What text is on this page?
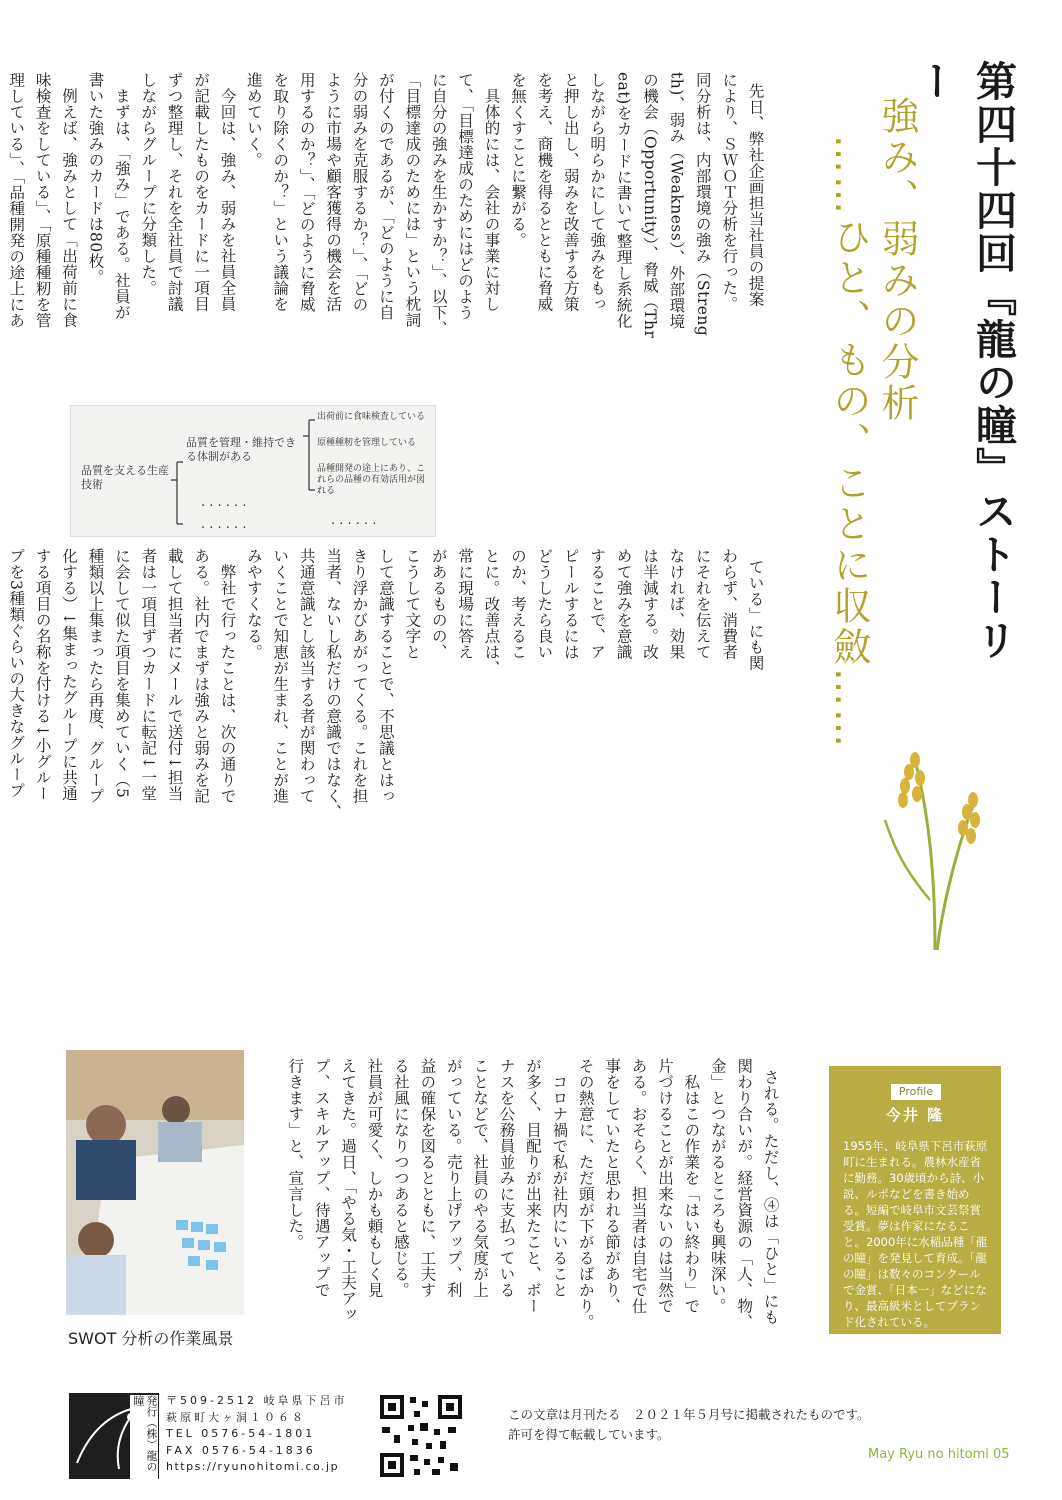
第四十四回『龍の瞳』ストーリー
強み、弱みの分析
……ひと、もの、ことに収斂……

先日、弊社企画担当社員の提案
により、ＳＷＯＴ分析を行った。
同分析は、内部環境の強み（Streng
th)、弱み（Weakness）、外部環境
の機会（Opportunity）、脅威（Thr
eat)をカードに書いて整理し系統化
しながら明らかにして強みをもっ
と押し出し、弱みを改善する方策
を考え、商機を得るとともに脅威
を無くすことに繋がる。
　具体的には、会社の事業に対し
て、「目標達成のためにはどのよう
に自分の強みを生かすか？」、以下、
「目標達成のためには」という枕詞
が付くのであるが、「どのように自
分の弱みを克服するか？」、「どの
ように市場や顧客獲得の機会を活
用するのか？」、「どのように脅威
を取り除くのか？」という議論を
進めていく。
　今回は、強み、弱みを社員全員
が記載したものをカードに一項目
ずつ整理し、それを全社員で討議
しながらグループに分類した。
　まずは、「強み」である。社員が
書いた強みのカードは80枚。
　例えば、強みとして「出荷前に食
味検査をしている」、「原種種籾を管
理している」、「品種開発の途上にあ

. . . . . .
. . . . . .	. . . . . .
品質を支える生産技術
品質を管理・維持できる体制がある
出荷前に食味検査している
原種種籾を管理している
品種開発の途上にあり、これらの品種の有効活用が図れる

ている」にも関
わらず、消費者
にそれを伝えて
なければ、効果
は半減する。改
めて強みを意識
することで、ア
ピールするには
どうしたら良い
のか、考えるこ
とに。改善点は、
常に現場に答え
があるものの、
こうして文字と
して意識することで、不思議とはっ
きり浮かびあがってくる。これを担
当者、ないし私だけの意識ではなく、
共通意識とし該当する者が関わって
いくことで知恵が生まれ、ことが進
みやすくなる。
　弊社で行ったことは、次の通りで
ある。社内でまずは強みと弱みを記
載して担当者にメールで送付↓担当
者は一項目ずつカードに転記↓一堂
に会して似た項目を集めていく（5
種類以上集まったら再度、グループ
化する）↓集まったグループに共通
する項目の名称を付ける↓小グルー
プを3種類ぐらいの大きなグループ

SWOT 分析の作業風景

される。ただし、④は「ひと」にも
関わり合いが。経営資源の「人、物、
金」とつながるところも興味深い。
　私はこの作業を「はい終わり」で
片づけることが出来ないのは当然で
ある。おそらく、担当者は自宅で仕
事をしていたと思われる節があり、
その熱意に、ただ頭が下がるばかり。
　コロナ禍で私が社内にいること
が多く、目配りが出来たこと、ボー
ナスを公務員並みに支払っている
ことなどで、社員のやる気度が上
がっている。売り上げアップ、利
益の確保を図るとともに、工夫す
る社風になりつつあると感じる。
社員が可愛く、しかも頼もしく見
えてきた。過日、「やる気・工夫アッ
プ、スキルアップ、待遇アップで
行きます」と、宣言した。	Profile
今井 隆
1955年、岐阜県下呂市萩原町に生まれる。農林水産省に勤務。30歳頃から詩、小説、ルポなどを書き始める。短編で岐阜市文芸祭賞受賞。夢は作家になること。2000年に水稲品種「龍の瞳」を発見して育成。「龍の瞳」は数々のコンクールで金賞、「日本一」などになり、最高級米としてブランド化されている。
発行（株）龍の瞳	〒509-2512 岐阜県下呂市
萩原町大ヶ洞１０６８
TEL 0576-54-1801
FAX 0576-54-1836
https://ryunohitomi.co.jp
この文章は月刊たる　２０２１年５月号に掲載されたものです。
許可を得て転載しています。
May Ryu no hitomi 05
